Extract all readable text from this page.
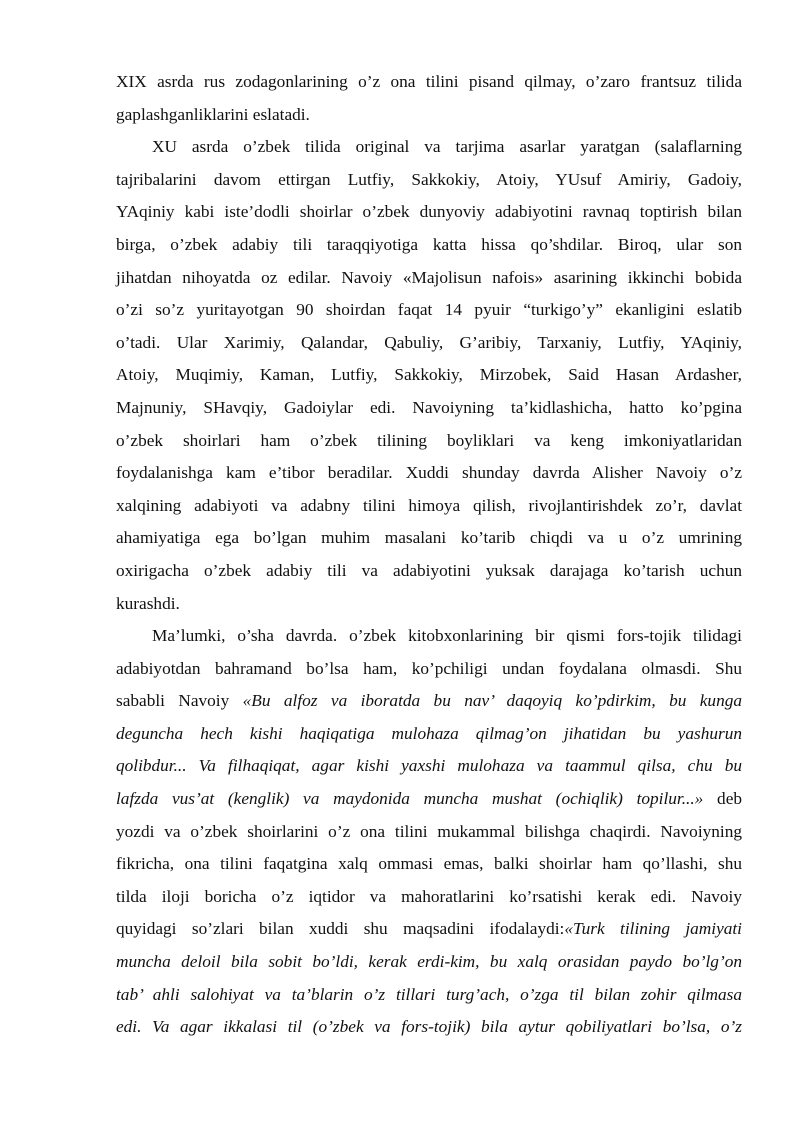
XIX asrda rus zodagonlarining o’z ona tilini pisand qilmay, o’zaro frantsuz tilida
gaplashganliklarini eslatadi.
XU asrda o’zbek tilida original va tarjima asarlar yaratgan (salaflarning
tajribalarini davom ettirgan Lutfiy, Sakkokiy, Atoiy, YUsuf Amiriy, Gadoiy,
YAqiniy kabi iste’dodli shoirlar o’zbek dunyoviy adabiyotini ravnaq toptirish bilan
birga, o’zbek adabiy tili taraqqiyotiga katta hissa qo’shdilar. Biroq, ular son
jihatdan nihoyatda oz edilar. Navoiy «Majolisun nafois» asarining ikkinchi bobida
o’zi so’z yuritayotgan 90 shoirdan faqat 14 pyuir “turkigo’y” ekanligini eslatib
o’tadi. Ular Xarimiy, Qalandar, Qabuliy, G’aribiy, Tarxaniy, Lutfiy, YAqiniy,
Atoiy, Muqimiy, Kaman, Lutfiy, Sakkokiy, Mirzobek, Said Hasan Ardasher,
Majnuniy, SHavqiy, Gadoiylar edi. Navoiyning ta’kidlashicha, hatto ko’pgina
o’zbek shoirlari ham o’zbek tilining boyliklari va keng imkoniyatlaridan
foydalanishga kam e’tibor beradilar. Xuddi shunday davrda Alisher Navoiy o’z
xalqining adabiyoti va adabny tilini himoya qilish, rivojlantirishdek zo’r, davlat
ahamiyatiga ega bo’lgan muhim masalani ko’tarib chiqdi va u o’z umrining
oxirigacha o’zbek adabiy tili va adabiyotini yuksak darajaga ko’tarish uchun
kurashdi.
Ma’lumki, o’sha davrda. o’zbek kitobxonlarining bir qismi fors-tojik tilidagi
adabiyotdan bahramand bo’lsa ham, ko’pchiligi undan foydalana olmasdi. Shu
sababli Navoiy «Bu alfoz va iboratda bu nav’ daqoyiq ko’pdirkim, bu kunga
deguncha hech kishi haqiqatiga mulohaza qilmag’on jihatidan bu yashurun
qolibdur... Va filhaqiqat, agar kishi yaxshi mulohaza va taammul qilsa, chu bu
lafzda vus’at (kenglik) va maydonida muncha mushat (ochiqlik) topilur...» deb
yozdi va o’zbek shoirlarini o’z ona tilini mukammal bilishga chaqirdi. Navoiyning
fikricha, ona tilini faqatgina xalq ommasi emas, balki shoirlar ham qo’llashi, shu
tilda iloji boricha o’z iqtidor va mahoratlarini ko’rsatishi kerak edi. Navoiy
quyidagi so’zlari bilan xuddi shu maqsadini ifodalaydi:«Turk tilining jamiyati
muncha deloil bila sobit bo’ldi, kerak erdi-kim, bu xalq orasidan paydo bo’lg’on
tab’ ahli salohiyat va ta’blarin o’z tillari turg’ach, o’zga til bilan zohir qilmasa
edi. Va agar ikkalasi til (o’zbek va fors-tojik) bila aytur qobiliyatlari bo’lsa, o’z
